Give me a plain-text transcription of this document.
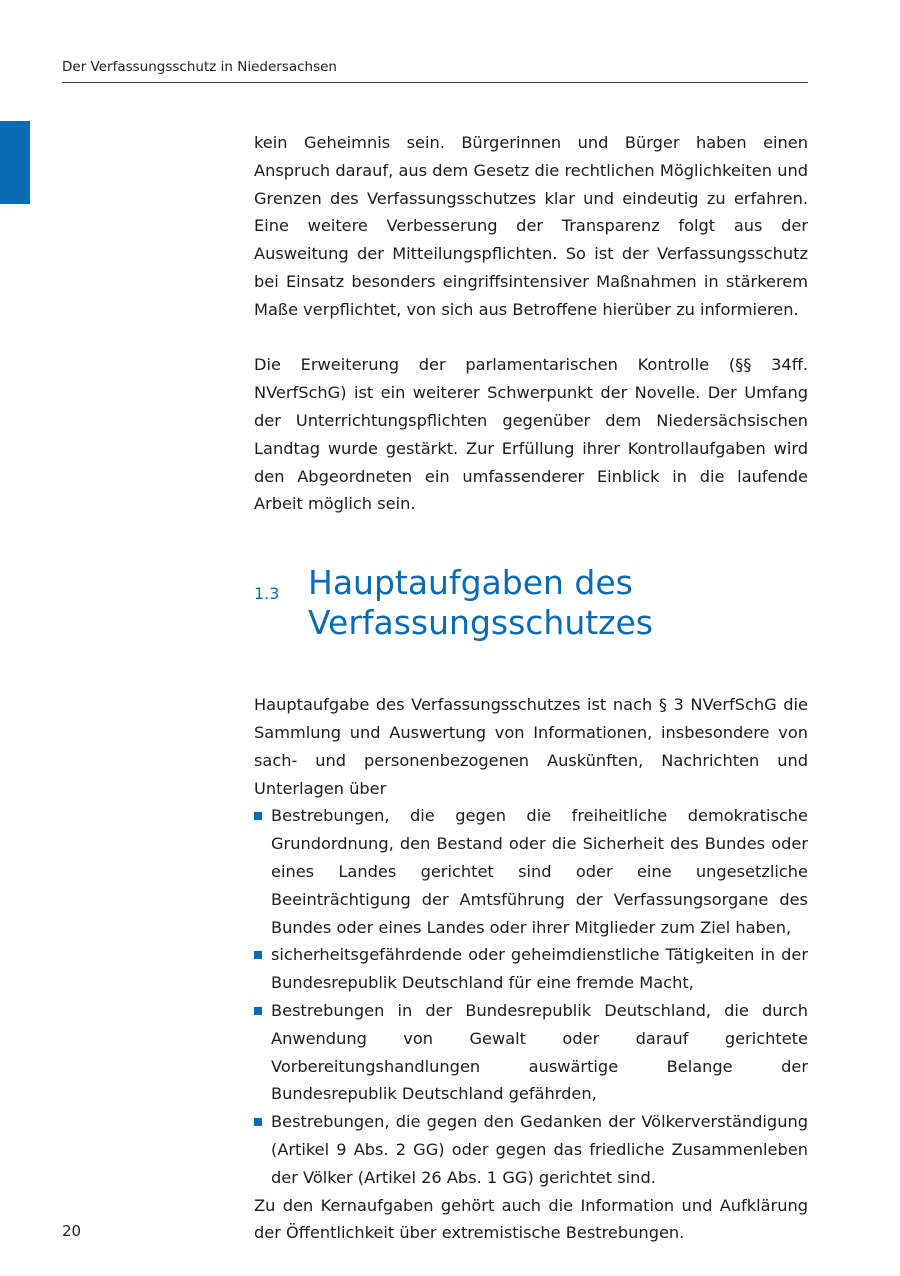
Der Verfassungsschutz in Niedersachsen

kein Geheimnis sein. Bürgerinnen und Bürger haben einen Anspruch darauf, aus dem Gesetz die rechtlichen Möglichkeiten und Grenzen des Verfassungsschutzes klar und eindeutig zu erfahren. Eine weitere Verbesserung der Transparenz folgt aus der Ausweitung der Mitteilungspflichten. So ist der Verfassungsschutz bei Einsatz besonders eingriffsintensiver Maßnahmen in stärkerem Maße verpflichtet, von sich aus Betroffene hierüber zu informieren.

Die Erweiterung der parlamentarischen Kontrolle (§§ 34ff. NVerfSchG) ist ein weiterer Schwerpunkt der Novelle. Der Umfang der Unterrichtungspflichten gegenüber dem Niedersächsischen Landtag wurde gestärkt. Zur Erfüllung ihrer Kontrollaufgaben wird den Abgeordneten ein umfassenderer Einblick in die laufende Arbeit möglich sein.

1.3 Hauptaufgaben des
Verfassungsschutzes

Hauptaufgabe des Verfassungsschutzes ist nach § 3 NVerfSchG die Sammlung und Auswertung von Informationen, insbesondere von sach- und personenbezogenen Auskünften, Nachrichten und Unterlagen über

Bestrebungen, die gegen die freiheitliche demokratische Grundordnung, den Bestand oder die Sicherheit des Bundes oder eines Landes gerichtet sind oder eine ungesetzliche Beeinträchtigung der Amtsführung der Verfassungsorgane des Bundes oder eines Landes oder ihrer Mitglieder zum Ziel haben,
sicherheitsgefährdende oder geheimdienstliche Tätigkeiten in der Bundesrepublik Deutschland für eine fremde Macht,
Bestrebungen in der Bundesrepublik Deutschland, die durch Anwendung von Gewalt oder darauf gerichtete Vorbereitungshandlungen auswärtige Belange der Bundesrepublik Deutschland gefährden,
Bestrebungen, die gegen den Gedanken der Völkerverständigung (Artikel 9 Abs. 2 GG) oder gegen das friedliche Zusammenleben der Völker (Artikel 26 Abs. 1 GG) gerichtet sind.

Zu den Kernaufgaben gehört auch die Information und Aufklärung der Öffentlichkeit über extremistische Bestrebungen.

20
